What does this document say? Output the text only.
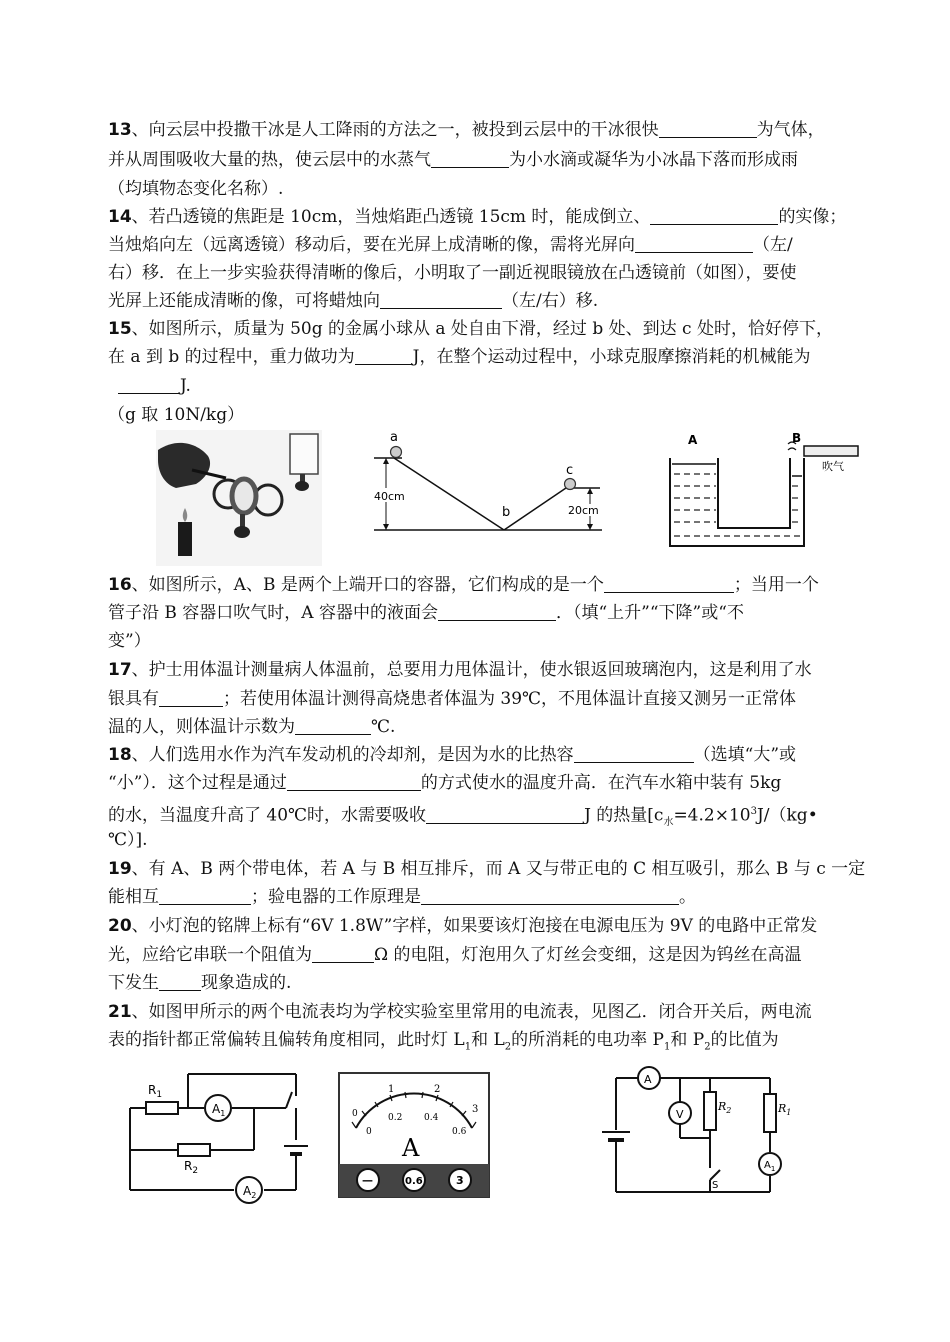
13、向云层中投撒干冰是人工降雨的方法之一，被投到云层中的干冰很快	为气体，
并从周围吸收大量的热，使云层中的水蒸气	为小水滴或凝华为小冰晶下落而形成雨
（均填物态变化名称）.
14、若凸透镜的焦距是 10cm，当烛焰距凸透镜 15cm 时，能成倒立、	的实像；
当烛焰向左（远离透镜）移动后，要在光屏上成清晰的像，需将光屏向	（左/
右）移．在上一步实验获得清晰的像后，小明取了一副近视眼镜放在凸透镜前（如图），要使
光屏上还能成清晰的像，可将蜡烛向	（左/右）移.
15、如图所示，质量为 50g 的金属小球从 a 处自由下滑，经过 b 处、到达 c 处时，恰好停下，
在 a 到 b 的过程中，重力做功为	J，在整个运动过程中，小球克服摩擦消耗的机械能为
J.
（g 取 10N/kg）
a
b
c
40cm
20cm
A	B
吹气
16、如图所示，A、B 是两个上端开口的容器，它们构成的是一个	；当用一个
管子沿 B 容器口吹气时，A 容器中的液面会	．（填“上升”“下降”或“不
变”）
17、护士用体温计测量病人体温前，总要用力甩体温计，使水银返回玻璃泡内，这是利用了水
银具有	；若使用体温计测得高烧患者体温为 39℃，不甩体温计直接又测另一正常体
温的人，则体温计示数为	℃.
18、人们选用水作为汽车发动机的冷却剂，是因为水的比热容	（选填“大”或
“小”）．这个过程是通过	的方式使水的温度升高．在汽车水箱中装有 5kg
的水，当温度升高了 40℃时，水需要吸收	J 的热量[$c_水=4.2\times 10^3J/(kg•$
℃）].
19、有 A、B 两个带电体，若 A 与 B 相互排斥，而 A 又与带正电的 C 相互吸引，那么 B 与 c 一定
能相互	；验电器的工作原理是	。
20、小灯泡的铭牌上标有“6V 1.8W”字样，如果要该灯泡接在电源电压为 9V 的电路中正常发
光，应给它串联一个阻值为	Ω 的电阻，灯泡用久了灯丝会变细，这是因为钨丝在高温
下发生 现象造成的.
21、如图甲所示的两个电流表均为学校实验室里常用的电流表，见图乙．闭合开关后，两电流
表的指针都正常偏转且偏转角度相同，此时灯 $L_1$和 $L_2$的所消耗的电功率 $P_1$和 $P_2$的比值为
$R_1$
$R_2$
$A_1$
$A_2$
0
1	2
3
0
0.2 0.4
0.6
A
—	0.6	3
A
V
$R_2$	$R_1$
$A_1$
S
